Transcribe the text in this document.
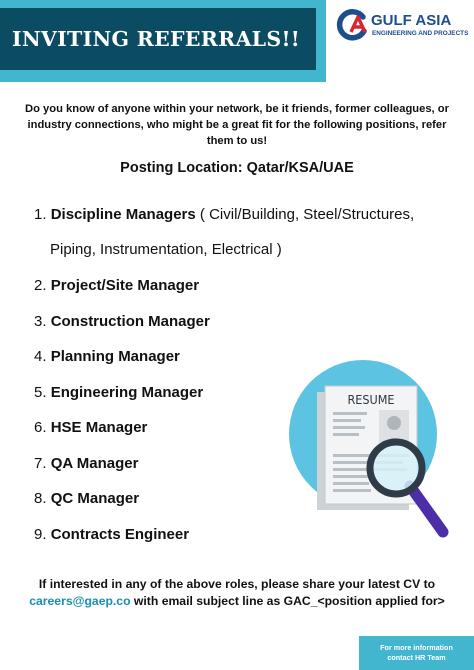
INVITING REFERRALS!!
GULF ASIA
ENGINEERING AND PROJECTS

Do you know of anyone within your network, be it friends, former colleagues, or industry connections, who might be a great fit for the following positions, refer them to us!

Posting Location: Qatar/KSA/UAE

1. Discipline Managers ( Civil/Building, Steel/Structures,
Piping, Instrumentation, Electrical )
2. Project/Site Manager
3. Construction Manager
4. Planning Manager
5. Engineering Manager
6. HSE Manager
7. QA Manager
8. QC Manager
9. Contracts Engineer
RESUME
If interested in any of the above roles, please share your latest CV to
careers@gaep.co with email subject line as GAC_<position applied for>
For more information
contact HR Team
